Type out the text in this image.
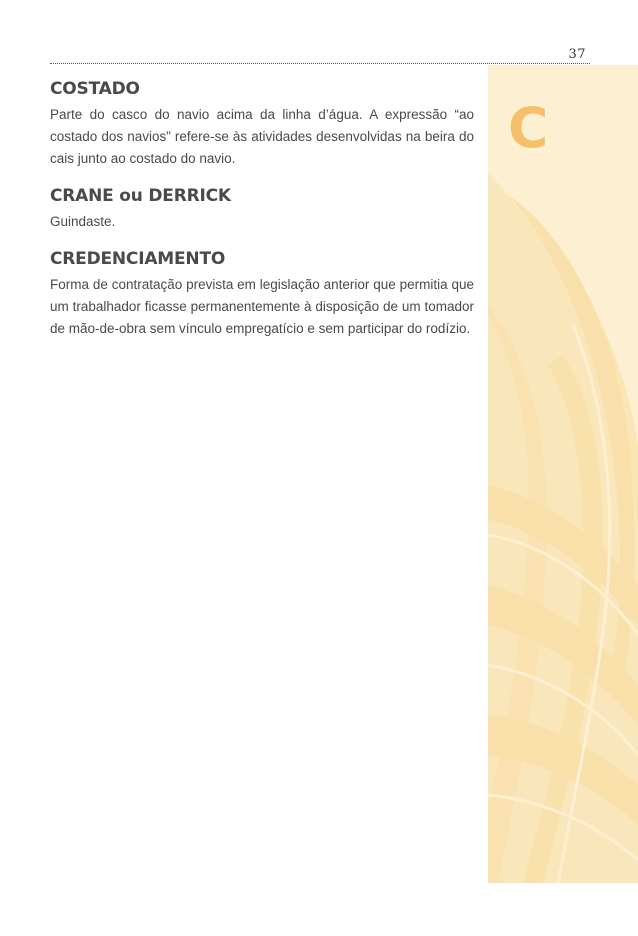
37
C
COSTADO

Parte do casco do navio acima da linha d’água. A expressão “ao costado dos navios” refere-se às atividades desenvolvidas na beira do cais junto ao costado do navio.

CRANE ou DERRICK

Guindaste.

CREDENCIAMENTO

Forma de contratação prevista em legislação anterior que permitia que um trabalhador ficasse permanentemente à disposição de um tomador de mão-de-obra sem vínculo empregatício e sem participar do rodízio.
